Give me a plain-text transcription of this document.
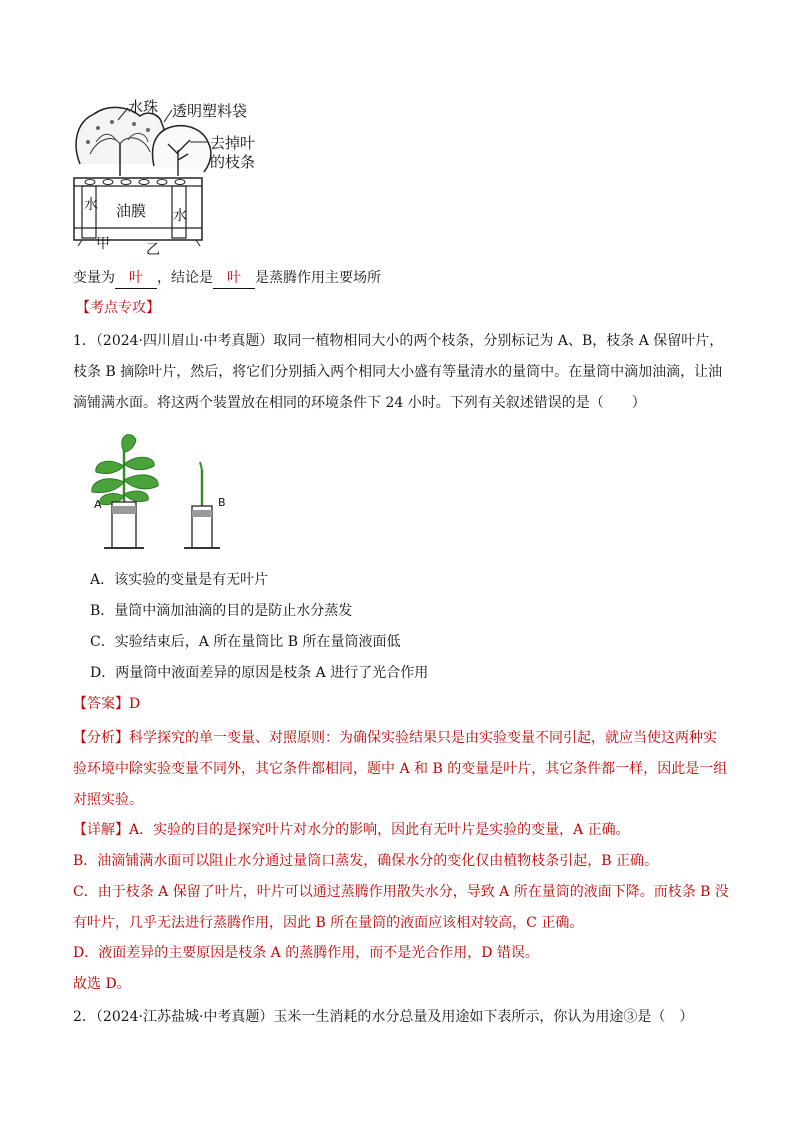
水珠 透明塑料袋
去掉叶
的枝条
水 油膜 水
甲	乙
变量为 叶 ，结论是 叶 是蒸腾作用主要场所
【考点专攻】
1．（2024·四川眉山·中考真题）取同一植物相同大小的两个枝条，分别标记为 A、B，枝条 A 保留叶片，
枝条 B 摘除叶片，然后，将它们分别插入两个相同大小盛有等量清水的量筒中。在量筒中滴加油滴，让油
滴铺满水面。将这两个装置放在相同的环境条件下 24 小时。下列有关叙述错误的是（　　）
A	B
A．该实验的变量是有无叶片
B．量筒中滴加油滴的目的是防止水分蒸发
C．实验结束后，A 所在量筒比 B 所在量筒液面低
D．两量筒中液面差异的原因是枝条 A 进行了光合作用
【答案】D
【分析】科学探究的单一变量、对照原则：为确保实验结果只是由实验变量不同引起，就应当使这两种实
验环境中除实验变量不同外，其它条件都相同，题中 A 和 B 的变量是叶片，其它条件都一样，因此是一组
对照实验。
【详解】A．实验的目的是探究叶片对水分的影响，因此有无叶片是实验的变量，A 正确。
B．油滴铺满水面可以阻止水分通过量筒口蒸发，确保水分的变化仅由植物枝条引起，B 正确。
C．由于枝条 A 保留了叶片，叶片可以通过蒸腾作用散失水分，导致 A 所在量筒的液面下降。而枝条 B 没
有叶片，几乎无法进行蒸腾作用，因此 B 所在量筒的液面应该相对较高，C 正确。
D．液面差异的主要原因是枝条 A 的蒸腾作用，而不是光合作用，D 错误。
故选 D。
2．（2024·江苏盐城·中考真题）玉米一生消耗的水分总量及用途如下表所示，你认为用途③是（　）
